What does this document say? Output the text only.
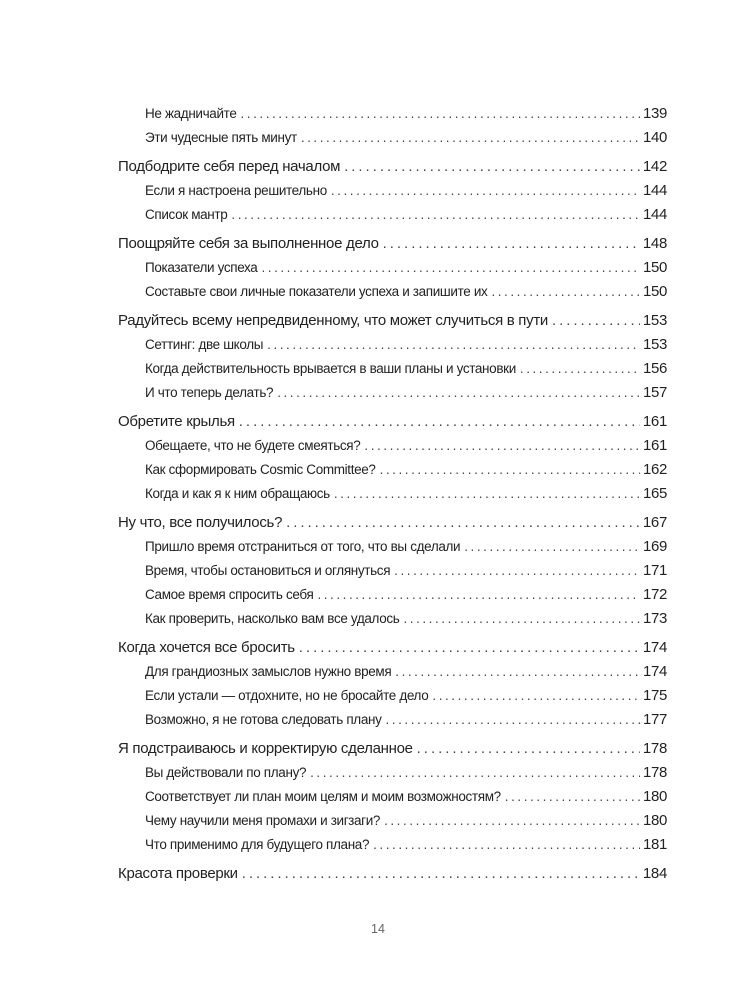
Не жадничайте . . .	139
Эти чудесные пять минут . . .	140
Подбодрите себя перед началом . . .	142
Если я настроена решительно . . .	144
Список мантр . . .	144
Поощряйте себя за выполненное дело . . .	148
Показатели успеха . . .	150
Составьте свои личные показатели успеха и запишите их . . .	150
Радуйтесь всему непредвиденному, что может случиться в пути . . .	153
Сеттинг: две школы . . .	153
Когда действительность врывается в ваши планы и установки . . .	156
И что теперь делать? . . .	157
Обретите крылья . . .	161
Обещаете, что не будете смеяться? . . .	161
Как сформировать Cosmic Committee? . . .	162
Когда и как я к ним обращаюсь . . .	165
Ну что, все получилось? . . .	167
Пришло время отстраниться от того, что вы сделали . . .	169
Время, чтобы остановиться и оглянуться . . .	171
Самое время спросить себя . . .	172
Как проверить, насколько вам все удалось . . .	173
Когда хочется все бросить . . .	174
Для грандиозных замыслов нужно время . . .	174
Если устали — отдохните, но не бросайте дело . . .	175
Возможно, я не готова следовать плану . . .	177
Я подстраиваюсь и корректирую сделанное . . .	178
Вы действовали по плану? . . .	178
Соответствует ли план моим целям и моим возможностям? . . .	180
Чему научили меня промахи и зигзаги? . . .	180
Что применимо для будущего плана? . . .	181
Красота проверки . . .	184
14
